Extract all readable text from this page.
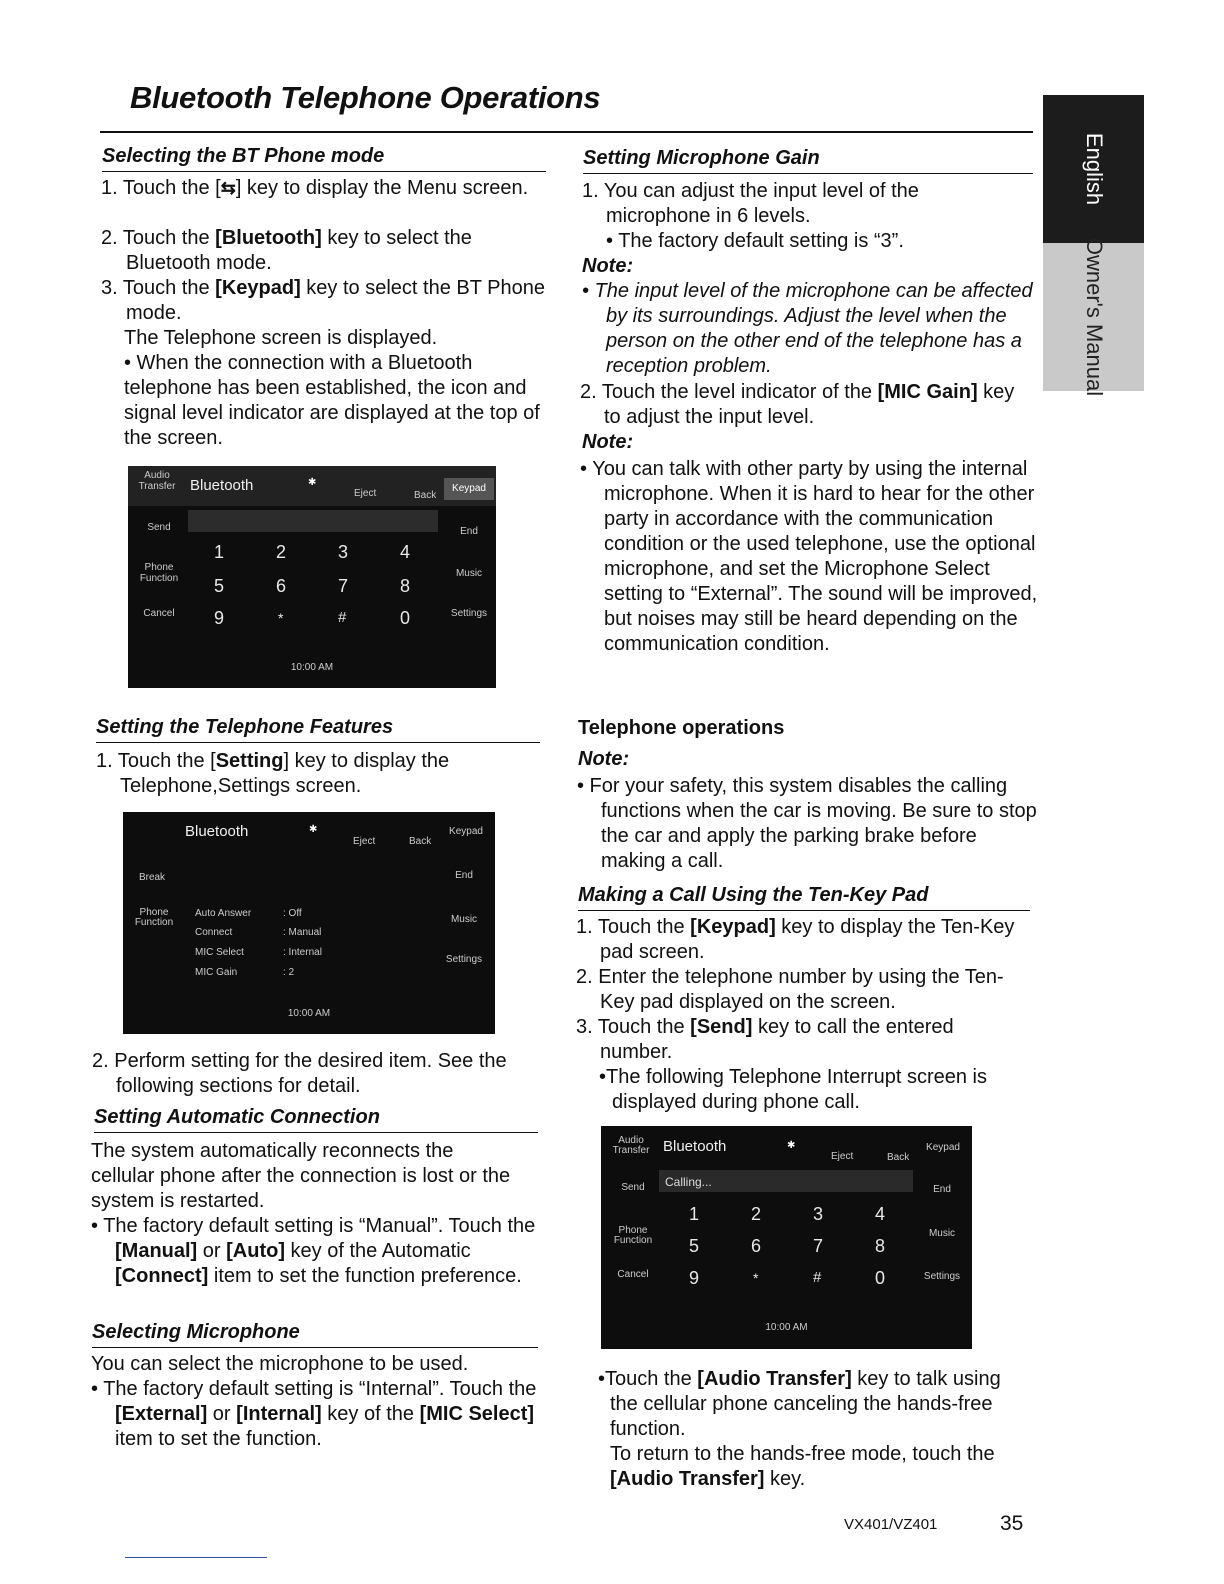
Bluetooth Telephone Operations
English
Owner's Manual
Selecting the BT Phone mode
1. Touch the [⇆] key to display the Menu screen.
2. Touch the [Bluetooth] key to select the Bluetooth mode.
3. Touch the [Keypad] key to select the BT Phone mode.
The Telephone screen is displayed.
• When the connection with a Bluetooth telephone has been established, the icon and signal level indicator are displayed at the top of the screen.
Audio Transfer Bluetooth	✱
Eject	Back
Keypad
Send	End
Phone Function	Music
Cancel	Settings
1	2	3	4
5	6	7	8
9	*	#	0
10:00 AM
Setting the Telephone Features
1. Touch the [Setting] key to display the Telephone,Settings screen.
Bluetooth	✱
Eject	Back
Keypad
Break	End
Phone Function	Music
Settings
Auto Answer	: Off
Connect	: Manual
MIC Select	: Internal
MIC Gain	: 2
10:00 AM
2. Perform setting for the desired item. See the following sections for detail.
Setting Automatic Connection
The system automatically reconnects the cellular phone after the connection is lost or the system is restarted.
• The factory default setting is “Manual”. Touch the [Manual] or [Auto] key of the Automatic [Connect] item to set the function preference.
Selecting Microphone
You can select the microphone to be used.
• The factory default setting is “Internal”. Touch the [External] or [Internal] key of the [MIC Select] item to set the function.
Setting Microphone Gain
1. You can adjust the input level of the microphone in 6 levels.
• The factory default setting is “3”.
Note:
• The input level of the microphone can be affected by its surroundings. Adjust the level when the person on the other end of the telephone has a reception problem.
2. Touch the level indicator of the [MIC Gain] key to adjust the input level.
Note:
• You can talk with other party by using the internal microphone. When it is hard to hear for the other party in accordance with the communication condition or the used telephone, use the optional microphone, and set the Microphone Select setting to “External”. The sound will be improved, but noises may still be heard depending on the communication condition.
Telephone operations
Note:
• For your safety, this system disables the calling functions when the car is moving. Be sure to stop the car and apply the parking brake before making a call.
Making a Call Using the Ten-Key Pad
1. Touch the [Keypad] key to display the Ten-Key pad screen.
2. Enter the telephone number by using the Ten-Key pad displayed on the screen.
3. Touch the [Send] key to call the entered number.
•The following Telephone Interrupt screen is displayed during phone call.
Audio Transfer Bluetooth	✱
Eject	Back
Keypad
Calling...
Send	End
Phone Function
Music
Cancel	Settings
1	2	3	4
5	6	7	8
9	*	#	0
10:00 AM
•Touch the [Audio Transfer] key to talk using the cellular phone canceling the hands-free function.
To return to the hands-free mode, touch the [Audio Transfer] key.
VX401/VZ401	35
